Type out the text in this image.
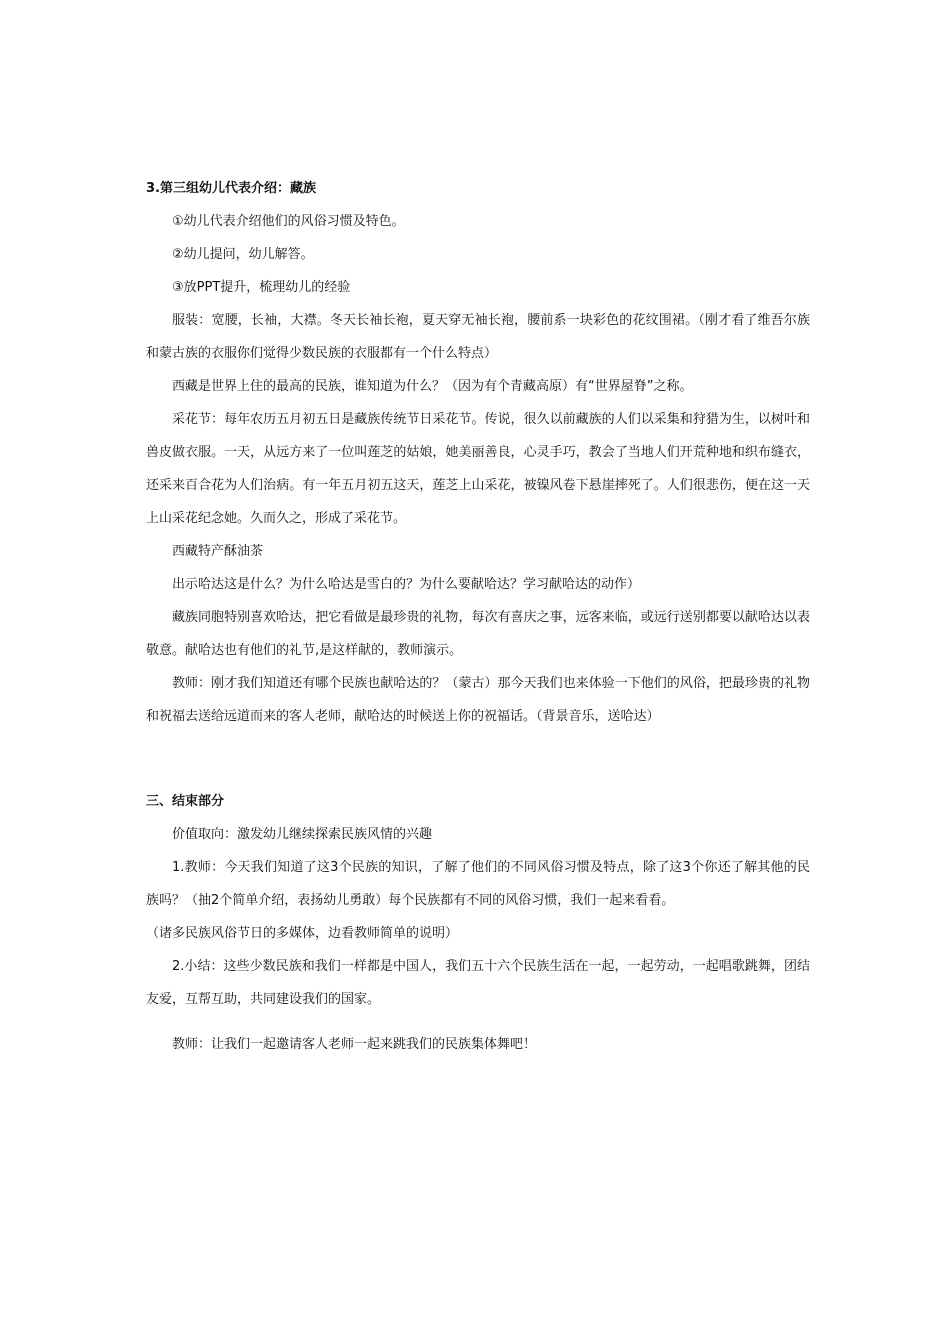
3.第三组幼儿代表介绍：藏族

①幼儿代表介绍他们的风俗习惯及特色。

②幼儿提问，幼儿解答。

③放PPT提升，梳理幼儿的经验

服装：宽腰，长袖，大襟。冬天长袖长袍，夏天穿无袖长袍，腰前系一块彩色的花纹围裙。（刚才看了维吾尔族和蒙古族的衣服你们觉得少数民族的衣服都有一个什么特点）

西藏是世界上住的最高的民族，谁知道为什么？（因为有个青藏高原）有“世界屋脊”之称。

采花节：每年农历五月初五日是藏族传统节日采花节。传说，很久以前藏族的人们以采集和狩猎为生，以树叶和兽皮做衣服。一天，从远方来了一位叫莲芝的姑娘，她美丽善良，心灵手巧，教会了当地人们开荒种地和织布缝衣，还采来百合花为人们治病。有一年五月初五这天，莲芝上山采花，被镍风卷下悬崖摔死了。人们很悲伤，便在这一天上山采花纪念她。久而久之，形成了采花节。

西藏特产酥油茶

出示哈达这是什么？为什么哈达是雪白的？为什么要献哈达？学习献哈达的动作）

藏族同胞特别喜欢哈达，把它看做是最珍贵的礼物，每次有喜庆之事，远客来临，或远行送别都要以献哈达以表敬意。献哈达也有他们的礼节,是这样献的，教师演示。

教师：刚才我们知道还有哪个民族也献哈达的？（蒙古）那今天我们也来体验一下他们的风俗，把最珍贵的礼物和祝福去送给远道而来的客人老师，献哈达的时候送上你的祝福话。（背景音乐，送哈达）

三、结束部分

价值取向：激发幼儿继续探索民族风情的兴趣

1.教师：今天我们知道了这3个民族的知识，了解了他们的不同风俗习惯及特点，除了这3个你还了解其他的民族吗？（抽2个简单介绍，表扬幼儿勇敢）每个民族都有不同的风俗习惯，我们一起来看看。

（诸多民族风俗节日的多媒体，边看教师简单的说明）

2.小结：这些少数民族和我们一样都是中国人，我们五十六个民族生活在一起，一起劳动，一起唱歌跳舞，团结友爱，互帮互助，共同建设我们的国家。

教师：让我们一起邀请客人老师一起来跳我们的民族集体舞吧！
